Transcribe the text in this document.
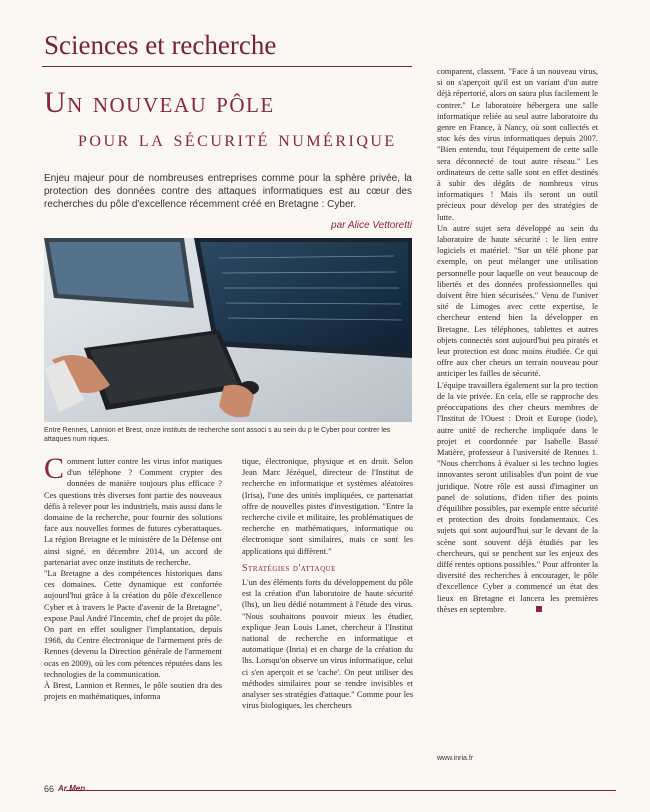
Sciences et recherche
Un nouveau pôle
pour la sécurité numérique
Enjeu majeur pour de nombreuses entreprises comme pour la sphère privée, la protection des données contre des attaques informatiques est au cœur des recherches du pôle d'excellence récemment créé en Bretagne : Cyber.
par Alice Vettoretti
Entre Rennes, Lannion et Brest, onze instituts de recherche sont associ s au sein du p le Cyber pour contrer les attaques num riques.
C omment lutter contre les virus infor matiques d'un téléphone ? Comment crypter des données de manière toujours plus efficace ? Ces questions très diverses font partie des nouveaux défis à relever pour les industriels, mais aussi dans le domaine de la recherche, pour fournir des solutions face aux nouvelles formes de futures cyberattaques. La région Bretagne et le ministère de la Défense ont ainsi signé, en décembre 2014, un accord de partenariat avec onze instituts de recherche.

"La Bretagne a des compétences historiques dans ces domaines. Cette dynamique est confortée aujourd'hui grâce à la création du pôle d'excellence Cyber et à travers le Pacte d'avenir de la Bretagne", expose Paul André l'Incemin, chef de projet du pôle. On part en effet souligner l'implantation, depuis 1968, du Centre électronique de l'armement près de Rennes (devenu la Direction générale de l'armement ocas en 2009), où les com pétences réputées dans les technologies de la communication.

À Brest, Lannion et Rennes, le pôle soutien dra des projets en mathématiques, informa

tique, électronique, physique et en droit. Selon Jean Marc Jézéquel, directeur de l'Institut de recherche en informatique et systèmes aléatoires (Irisa), l'une des unités impliquées, ce partenariat offre de nouvelles pistes d'investigation. "Entre la recherche civile et militaire, les problématiques de recherche en mathématiques, informatique ou électronique sont similaires, mais ce sont les applications qui diffèrent."

Stratégies d'attaque

L'un des éléments forts du développement du pôle est la création d'un laboratoire de haute sécurité (lhs), un lieu dédié notamment à l'étude des virus. "Nous souhaitons pouvoir mieux les étudier, explique Jean Louis Lanet, chercheur à l'Institut national de recherche en informatique et automatique (Inria) et en charge de la création du lhs. Lorsqu'on observe un virus informatique, celui ci s'en aperçoit et se 'cache'. On peut utiliser des méthodes similaires pour se rendre invisibles et analyser ses stratégies d'attaque." Comme pour les virus biologiques, les chercheurs

comparent, classent. "Face à un nouveau virus, si on s'aperçoit qu'il est un variant d'un autre déjà répertorié, alors on saura plus facilement le contrer." Le laboratoire hébergera une salle informatique reliée au seul autre laboratoire du genre en France, à Nancy, où sont collectés et stoc kés des virus informatiques depuis 2007. "Bien entendu, tout l'équipement de cette salle sera déconnecté de tout autre réseau." Les ordinateurs de cette salle sont en effet destinés à subir des dégâts de nombreux virus informatiques ! Mais ils seront un outil précieux pour dévelop per des stratégies de lutte.

Un autre sujet sera développé au sein du laboratoire de haute sécurité : le lien entre logiciels et matériel. "Sur un télé phone par exemple, on peut mélanger une utilisation personnelle pour laquelle on veut beaucoup de libertés et des données professionnelles qui doivent être bien sécurisées." Venu de l'univer sité de Limoges avec cette expertise, le chercheur entend bien la développer en Bretagne. Les téléphones, tablettes et autres objets connectés sont aujourd'hui peu piratés et leur protection est donc moins étudiée. Ce qui offre aux cher cheurs un terrain nouveau pour anticiper les failles de sécurité.

L'équipe travaillera également sur la pro tection de la vie privée. En cela, elle se rapproche des préoccupations des cher cheurs membres de l'Institut de l'Ouest : Droit et Europe (iode), autre unité de recherche impliquée dans le projet et coordonnée par Isabelle Bassé Matière, professeur à l'université de Rennes 1. "Nous cherchons à évaluer si les techno logies innovantes seront utilisables d'un point de vue juridique. Notre rôle est aussi d'imaginer un panel de solutions, d'iden tifier des points d'équilibre possibles, par exemple entre sécurité et protection des droits fondamentaux. Ces sujets qui sont aujourd'hui sur le devant de la scène sont souvent déjà étudiés par les chercheurs, qui se penchent sur les enjeux des diffé rentes options possibles." Pour affronter la diversité des recherches à encourager, le pôle d'excellence Cyber a commencé un état des lieux en Bretagne et lancera les premières thèses en septembre.

www.inria.fr
66 Ar Men
